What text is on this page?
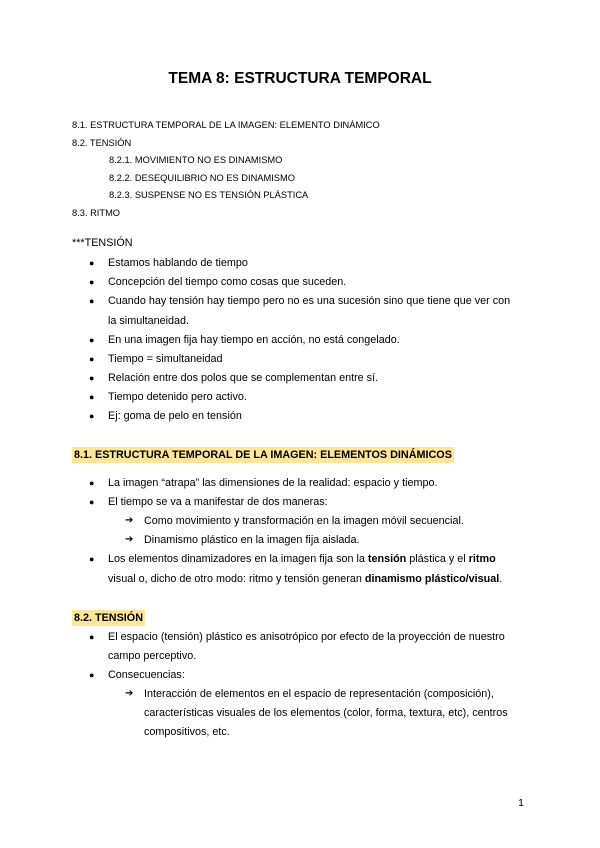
TEMA 8: ESTRUCTURA TEMPORAL
8.1. ESTRUCTURA TEMPORAL DE LA IMAGEN: ELEMENTO DINÁMICO
8.2. TENSIÓN
8.2.1. MOVIMIENTO NO ES DINAMISMO
8.2.2. DESEQUILIBRIO NO ES DINAMISMO
8.2.3. SUSPENSE NO ES TENSIÓN PLÁSTICA
8.3. RITMO
***TENSIÓN
● Estamos hablando de tiempo
● Concepción del tiempo como cosas que suceden.
● Cuando hay tensión hay tiempo pero no es una sucesión sino que tiene que ver con
la simultaneidad.
● En una imagen fija hay tiempo en acción, no está congelado.
● Tiempo = simultaneidad
● Relación entre dos polos que se complementan entre sí.
● Tiempo detenido pero activo.
● Ej: goma de pelo en tensión
8.1. ESTRUCTURA TEMPORAL DE LA IMAGEN: ELEMENTOS DINÁMICOS
● La imagen “atrapa” las dimensiones de la realidad: espacio y tiempo.
● El tiempo se va a manifestar de dos maneras:
➔ Como movimiento y transformación en la imagen móvil secuencial.
➔ Dinamismo plástico en la imagen fija aislada.
● Los elementos dinamizadores en la imagen fija son la tensión plástica y el ritmo
visual o, dicho de otro modo: ritmo y tensión generan dinamismo plástico/visual.
8.2. TENSIÓN
● El espacio (tensión) plástico es anisotrópico por efecto de la proyección de nuestro
campo perceptivo.
● Consecuencias:
➔ Interacción de elementos en el espacio de representación (composición),
características visuales de los elementos (color, forma, textura, etc), centros
compositivos, etc.
1
